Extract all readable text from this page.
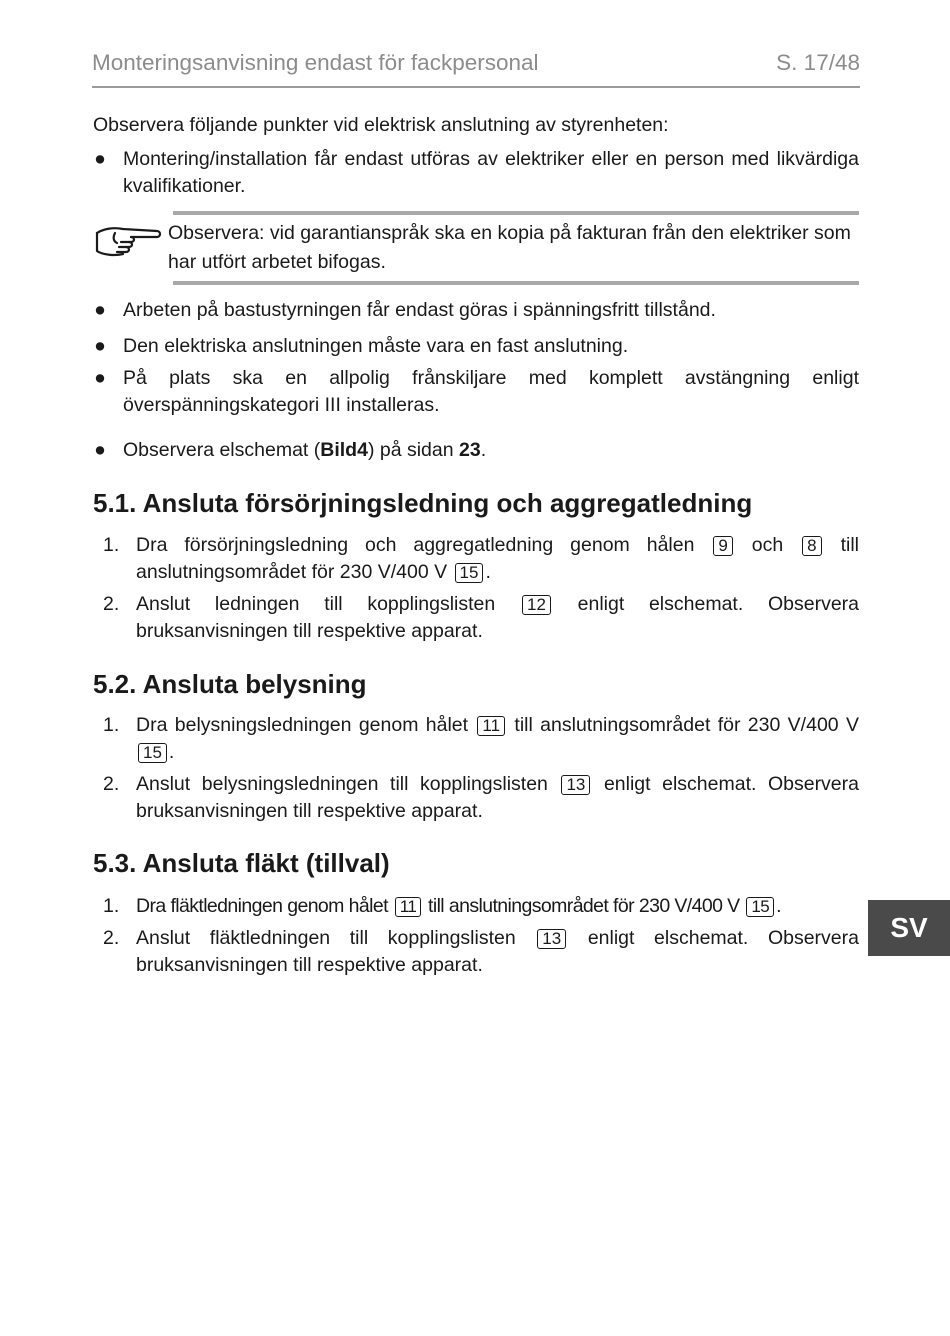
Monteringsanvisning endast för fackpersonal	S. 17/48
Observera följande punkter vid elektrisk anslutning av styrenheten:
● Montering/installation får endast utföras av elektriker eller en person med likvärdiga kvalifikationer.
Observera: vid garantianspråk ska en kopia på fakturan från den elektriker som har utfört arbetet bifogas.
● Arbeten på bastustyrningen får endast göras i spänningsfritt tillstånd.
● Den elektriska anslutningen måste vara en fast anslutning.
● På plats ska en allpolig frånskiljare med komplett avstängning enligt överspänningskategori III installeras.
● Observera elschemat (Bild4) på sidan 23.
5.1. Ansluta försörjningsledning och aggregatledning
1. Dra försörjningsledning och aggregatledning genom hålen 9 och 8 till anslutningsområdet för 230 V/400 V 15 .
2. Anslut ledningen till kopplingslisten 12 enligt elschemat. Observera bruksanvisningen till respektive apparat.
5.2. Ansluta belysning
1. Dra belysningsledningen genom hålet 11 till anslutningsområdet för 230 V/400 V 15 .
2. Anslut belysningsledningen till kopplingslisten 13 enligt elschemat. Observera bruksanvisningen till respektive apparat.
5.3. Ansluta fläkt (tillval)
1. Dra fläktledningen genom hålet 11 till anslutningsområdet för 230 V/400 V 15 .
2. Anslut fläktledningen till kopplingslisten 13 enligt elschemat. Observera bruksanvisningen till respektive apparat.
SV
